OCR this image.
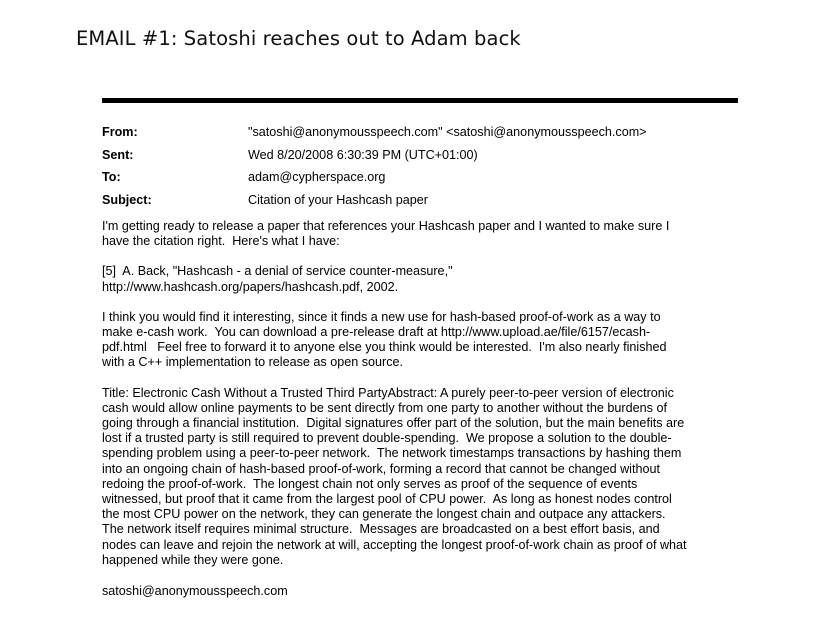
EMAIL #1: Satoshi reaches out to Adam back
From:	"satoshi@anonymousspeech.com" <satoshi@anonymousspeech.com>
Sent:	Wed 8/20/2008 6:30:39 PM (UTC+01:00)
To:	adam@cypherspace.org
Subject:	Citation of your Hashcash paper
I'm getting ready to release a paper that references your Hashcash paper and I wanted to make sure I
have the citation right.  Here's what I have:
[5]  A. Back, "Hashcash - a denial of service counter-measure,"
http://www.hashcash.org/papers/hashcash.pdf, 2002.
I think you would find it interesting, since it finds a new use for hash-based proof-of-work as a way to
make e-cash work.  You can download a pre-release draft at http://www.upload.ae/file/6157/ecash-
pdf.html   Feel free to forward it to anyone else you think would be interested.  I'm also nearly finished
with a C++ implementation to release as open source.
Title: Electronic Cash Without a Trusted Third PartyAbstract: A purely peer-to-peer version of electronic
cash would allow online payments to be sent directly from one party to another without the burdens of
going through a financial institution.  Digital signatures offer part of the solution, but the main benefits are
lost if a trusted party is still required to prevent double-spending.  We propose a solution to the double-
spending problem using a peer-to-peer network.  The network timestamps transactions by hashing them
into an ongoing chain of hash-based proof-of-work, forming a record that cannot be changed without
redoing the proof-of-work.  The longest chain not only serves as proof of the sequence of events
witnessed, but proof that it came from the largest pool of CPU power.  As long as honest nodes control
the most CPU power on the network, they can generate the longest chain and outpace any attackers.
The network itself requires minimal structure.  Messages are broadcasted on a best effort basis, and
nodes can leave and rejoin the network at will, accepting the longest proof-of-work chain as proof of what
happened while they were gone.
satoshi@anonymousspeech.com
